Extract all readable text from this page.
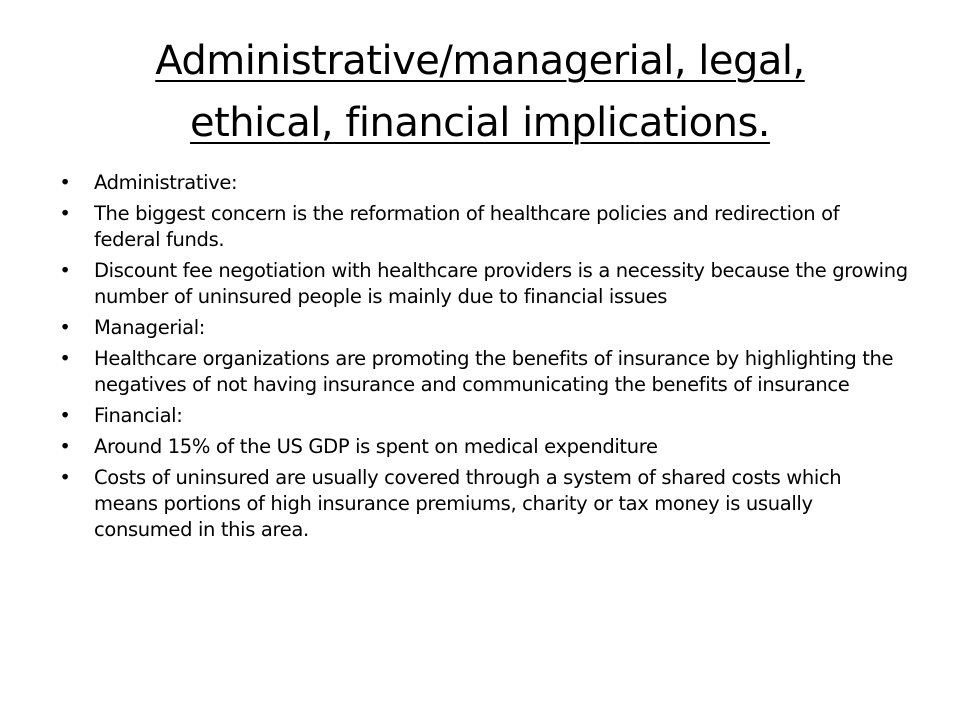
Administrative/managerial, legal,
ethical, financial implications.
• Administrative:
• The biggest concern is the reformation of healthcare policies and redirection of federal funds.
• Discount fee negotiation with healthcare providers is a necessity because the growing number of uninsured people is mainly due to financial issues
• Managerial:
• Healthcare organizations are promoting the benefits of insurance by highlighting the negatives of not having insurance and communicating the benefits of insurance
• Financial:
• Around 15% of the US GDP is spent on medical expenditure
• Costs of uninsured are usually covered through a system of shared costs which means portions of high insurance premiums, charity or tax money is usually consumed in this area.
